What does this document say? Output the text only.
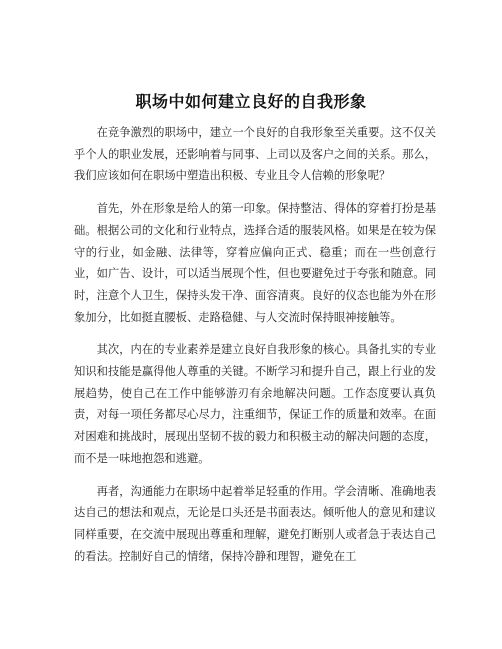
职场中如何建立良好的自我形象

在竞争激烈的职场中，建立一个良好的自我形象至关重要。这不仅关乎个人的职业发展，还影响着与同事、上司以及客户之间的关系。那么，我们应该如何在职场中塑造出积极、专业且令人信赖的形象呢？

首先，外在形象是给人的第一印象。保持整洁、得体的穿着打扮是基础。根据公司的文化和行业特点，选择合适的服装风格。如果是在较为保守的行业，如金融、法律等，穿着应偏向正式、稳重；而在一些创意行业，如广告、设计，可以适当展现个性，但也要避免过于夸张和随意。同时，注意个人卫生，保持头发干净、面容清爽。良好的仪态也能为外在形象加分，比如挺直腰板、走路稳健、与人交流时保持眼神接触等。

其次，内在的专业素养是建立良好自我形象的核心。具备扎实的专业知识和技能是赢得他人尊重的关键。不断学习和提升自己，跟上行业的发展趋势，使自己在工作中能够游刃有余地解决问题。工作态度要认真负责，对每一项任务都尽心尽力，注重细节，保证工作的质量和效率。在面对困难和挑战时，展现出坚韧不拔的毅力和积极主动的解决问题的态度，而不是一味地抱怨和逃避。

再者，沟通能力在职场中起着举足轻重的作用。学会清晰、准确地表达自己的想法和观点，无论是口头还是书面表达。倾听他人的意见和建议同样重要，在交流中展现出尊重和理解，避免打断别人或者急于表达自己的看法。控制好自己的情绪，保持冷静和理智，避免在工
